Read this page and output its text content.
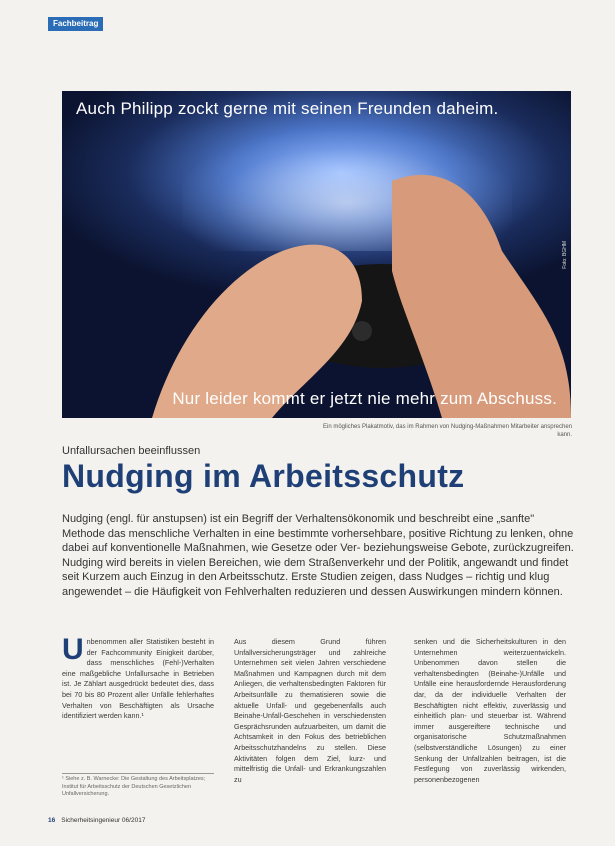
Fachbeitrag
Auch Philipp zockt gerne mit seinen Freunden daheim.
Nur leider kommt er jetzt nie mehr zum Abschuss.
Foto: BGHM
Ein mögliches Plakatmotiv, das im Rahmen von Nudging-Maßnahmen Mitarbeiter ansprechen kann.
Unfallursachen beeinflussen
Nudging im Arbeitsschutz
Nudging (engl. für anstupsen) ist ein Begriff der Verhaltensökonomik und beschreibt eine „sanfte" Methode das menschliche Verhalten in eine bestimmte vorhersehbare, positive Richtung zu lenken, ohne dabei auf konventionelle Maßnahmen, wie Gesetze oder Ver- beziehungsweise Gebote, zurückzugreifen. Nudging wird bereits in vielen Bereichen, wie dem Straßenverkehr und der Politik, angewandt und findet seit Kurzem auch Einzug in den Arbeitsschutz. Erste Studien zeigen, dass Nudges – richtig und klug angewendet – die Häufigkeit von Fehlverhalten reduzieren und dessen Auswirkungen mindern können.
Unbenommen aller Statistiken besteht in der Fachcommunity Einigkeit darüber, dass menschliches (Fehl-)Verhalten eine maßgebliche Unfallursache in Betrieben ist. Je Zählart ausgedrückt bedeutet dies, dass bei 70 bis 80 Prozent aller Unfälle fehlerhaftes Verhalten von Beschäftigten als Ursache identifiziert werden kann.¹
Aus diesem Grund führen Unfallversicherungsträger und zahlreiche Unternehmen seit vielen Jahren verschiedene Maßnahmen und Kampagnen durch mit dem Anliegen, die verhaltensbedingten Faktoren für Arbeitsunfälle zu thematisieren sowie die aktuelle Unfall- und gegebenenfalls auch Beinahe-Unfall-Geschehen in verschiedensten Gesprächsrunden aufzuarbeiten, um damit die Achtsamkeit in den Fokus des betrieblichen Arbeitsschutzhandelns zu stellen. Diese Aktivitäten folgen dem Ziel, kurz- und mittelfristig die Unfall- und Erkrankungszahlen zu
senken und die Sicherheitskulturen in den Unternehmen weiterzuentwickeln. Unbenommen davon stellen die verhaltensbedingten (Beinahe-)Unfälle und Unfälle eine herausfordernde Herausforderung dar, da der individuelle Verhalten der Beschäftigten nicht effektiv, zuverlässig und einheitlich plan- und steuerbar ist. Während immer ausgereiftere technische und organisatorische Schutzmaßnahmen (selbstverständliche Lösungen) zu einer Senkung der Unfallzahlen beitragen, ist die Festlegung von zuverlässig wirkenden, personenbezogenen
¹ Siehe z. B. Warnecke: Die Gestaltung des Arbeitsplatzes; Institut für Arbeitsschutz der Deutschen Gesetzlichen Unfallversicherung.
16 Sicherheitsingenieur 06/2017
